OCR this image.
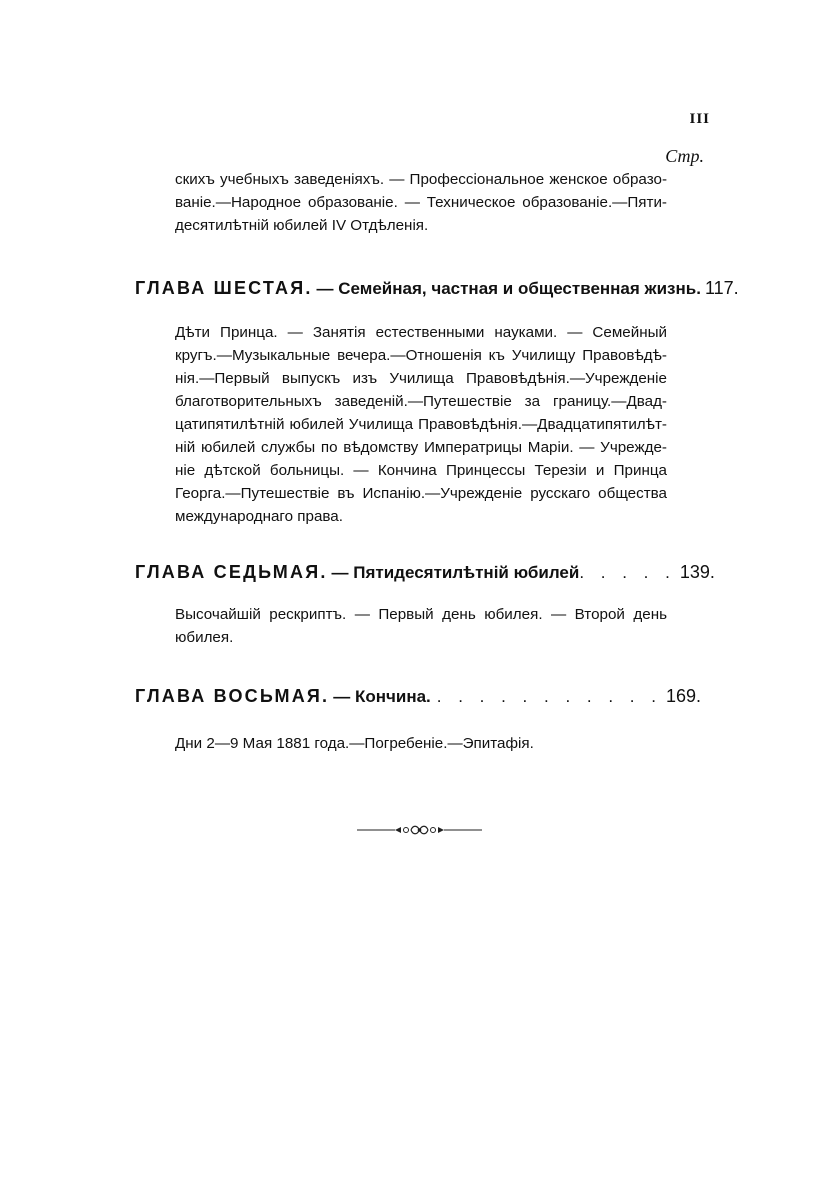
III
Стр.
скихъ учебныхъ заведеніяхъ. — Профессіональное женское образо-
ваніе.—Народное образованіе. — Техническое образованіе.—Пяти-
десятилѣтній юбилей IV Отдѣленія.
ГЛАВА ШЕСТАЯ. — Семейная, частная и общественная жизнь. 117.
Дѣти Принца. — Занятія естественными науками. — Семейный
кругъ.—Музыкальные вечера.—Отношенія къ Училищу Правовѣдѣ-
нія.—Первый выпускъ изъ Училища Правовѣдѣнія.—Учрежденіе
благотворительныхъ заведеній.—Путешествіе за границу.—Двад-
цатипятилѣтній юбилей Училища Правовѣдѣнія.—Двадцатипятилѣт-
ній юбилей службы по вѣдомству Императрицы Маріи. — Учрежде-
ніе дѣтской больницы. — Кончина Принцессы Терезіи и Принца
Георга.—Путешествіе въ Испанію.—Учрежденіе русскаго общества
международнаго права.
ГЛАВА СЕДЬМАЯ. — Пятидесятилѣтній юбилей . . . . . 139.
Высочайшій рескриптъ. — Первый день юбилея. — Второй день
юбилея.
ГЛАВА ВОСЬМАЯ. — Кончина. . . . . . . . . . . . 169.
Дни 2—9 Мая 1881 года.—Погребеніе.—Эпитафія.
